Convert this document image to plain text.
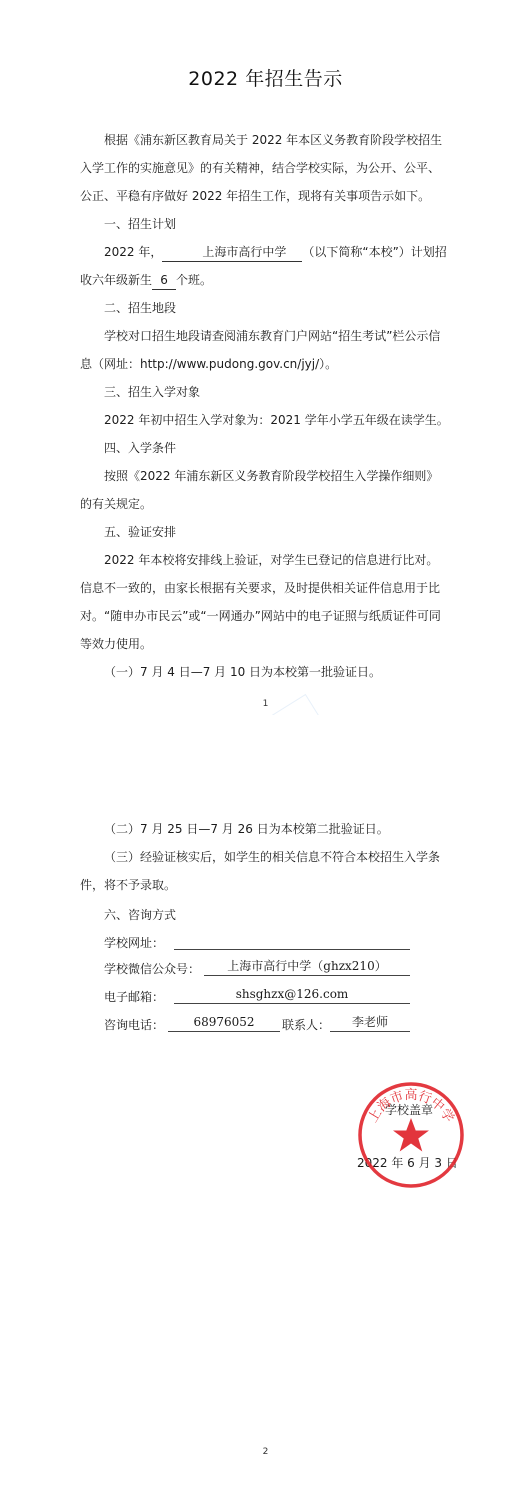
2022 年招生告示
根据《浦东新区教育局关于 2022 年本区义务教育阶段学校招生
入学工作的实施意见》的有关精神，结合学校实际，为公开、公平、
公正、平稳有序做好 2022 年招生工作，现将有关事项告示如下。
一、招生计划
2022 年，	上海市高行中学 （以下简称“本校”）计划招
收六年级新生 6 个班。
二、招生地段
学校对口招生地段请查阅浦东教育门户网站“招生考试”栏公示信
息（网址：http://www.pudong.gov.cn/jyj/）。
三、招生入学对象
2022 年初中招生入学对象为：2021 学年小学五年级在读学生。
四、入学条件
按照《2022 年浦东新区义务教育阶段学校招生入学操作细则》
的有关规定。
五、验证安排
2022 年本校将安排线上验证，对学生已登记的信息进行比对。
信息不一致的，由家长根据有关要求，及时提供相关证件信息用于比
对。“随申办市民云”或“一网通办”网站中的电子证照与纸质证件可同
等效力使用。
（一）7 月 4 日—7 月 10 日为本校第一批验证日。
1
（二）7 月 25 日—7 月 26 日为本校第二批验证日。
（三）经验证核实后，如学生的相关信息不符合本校招生入学条
件，将不予录取。
六、咨询方式
学校网址：
学校微信公众号：	上海市高行中学（ghzx210）
电子邮箱：	shsghzx@126.com
咨询电话：	68976052	联系人：	李老师
2
学校盖章
2022 年 6 月 3 日
上海市高行中学
